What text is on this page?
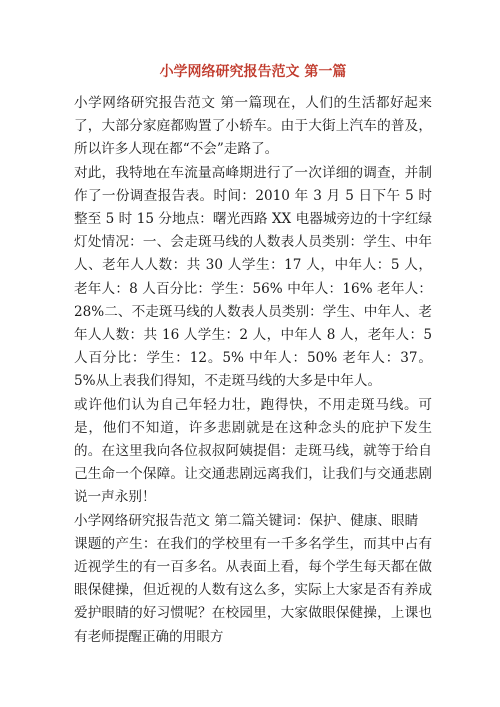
小学网络研究报告范文 第一篇

小学网络研究报告范文 第一篇现在，人们的生活都好起来了，大部分家庭都购置了小轿车。由于大街上汽车的普及，所以许多人现在都“不会”走路了。

对此，我特地在车流量高峰期进行了一次详细的调查，并制作了一份调查报告表。时间：2010 年 3 月 5 日下午 5 时整至 5 时 15 分地点：曙光西路 XX 电器城旁边的十字红绿灯处情况：一、会走斑马线的人数表人员类别：学生、中年人、老年人人数：共 30 人学生：17 人，中年人：5 人，老年人：8 人百分比：学生：56% 中年人：16% 老年人：28%二、不走斑马线的人数表人员类别：学生、中年人、老年人人数：共 16 人学生：2 人，中年人 8 人，老年人：5 人百分比：学生：12。5% 中年人：50% 老年人：37。5%从上表我们得知，不走斑马线的大多是中年人。

或许他们认为自己年轻力壮，跑得快，不用走斑马线。可是，他们不知道，许多悲剧就是在这种念头的庇护下发生的。在这里我向各位叔叔阿姨提倡：走斑马线，就等于给自己生命一个保障。让交通悲剧远离我们，让我们与交通悲剧说一声永别！

小学网络研究报告范文 第二篇关键词：保护、健康、眼睛

课题的产生：在我们的学校里有一千多名学生，而其中占有近视学生的有一百多名。从表面上看，每个学生每天都在做眼保健操，但近视的人数有这么多，实际上大家是否有养成爱护眼睛的好习惯呢？在校园里，大家做眼保健操，上课也有老师提醒正确的用眼方
